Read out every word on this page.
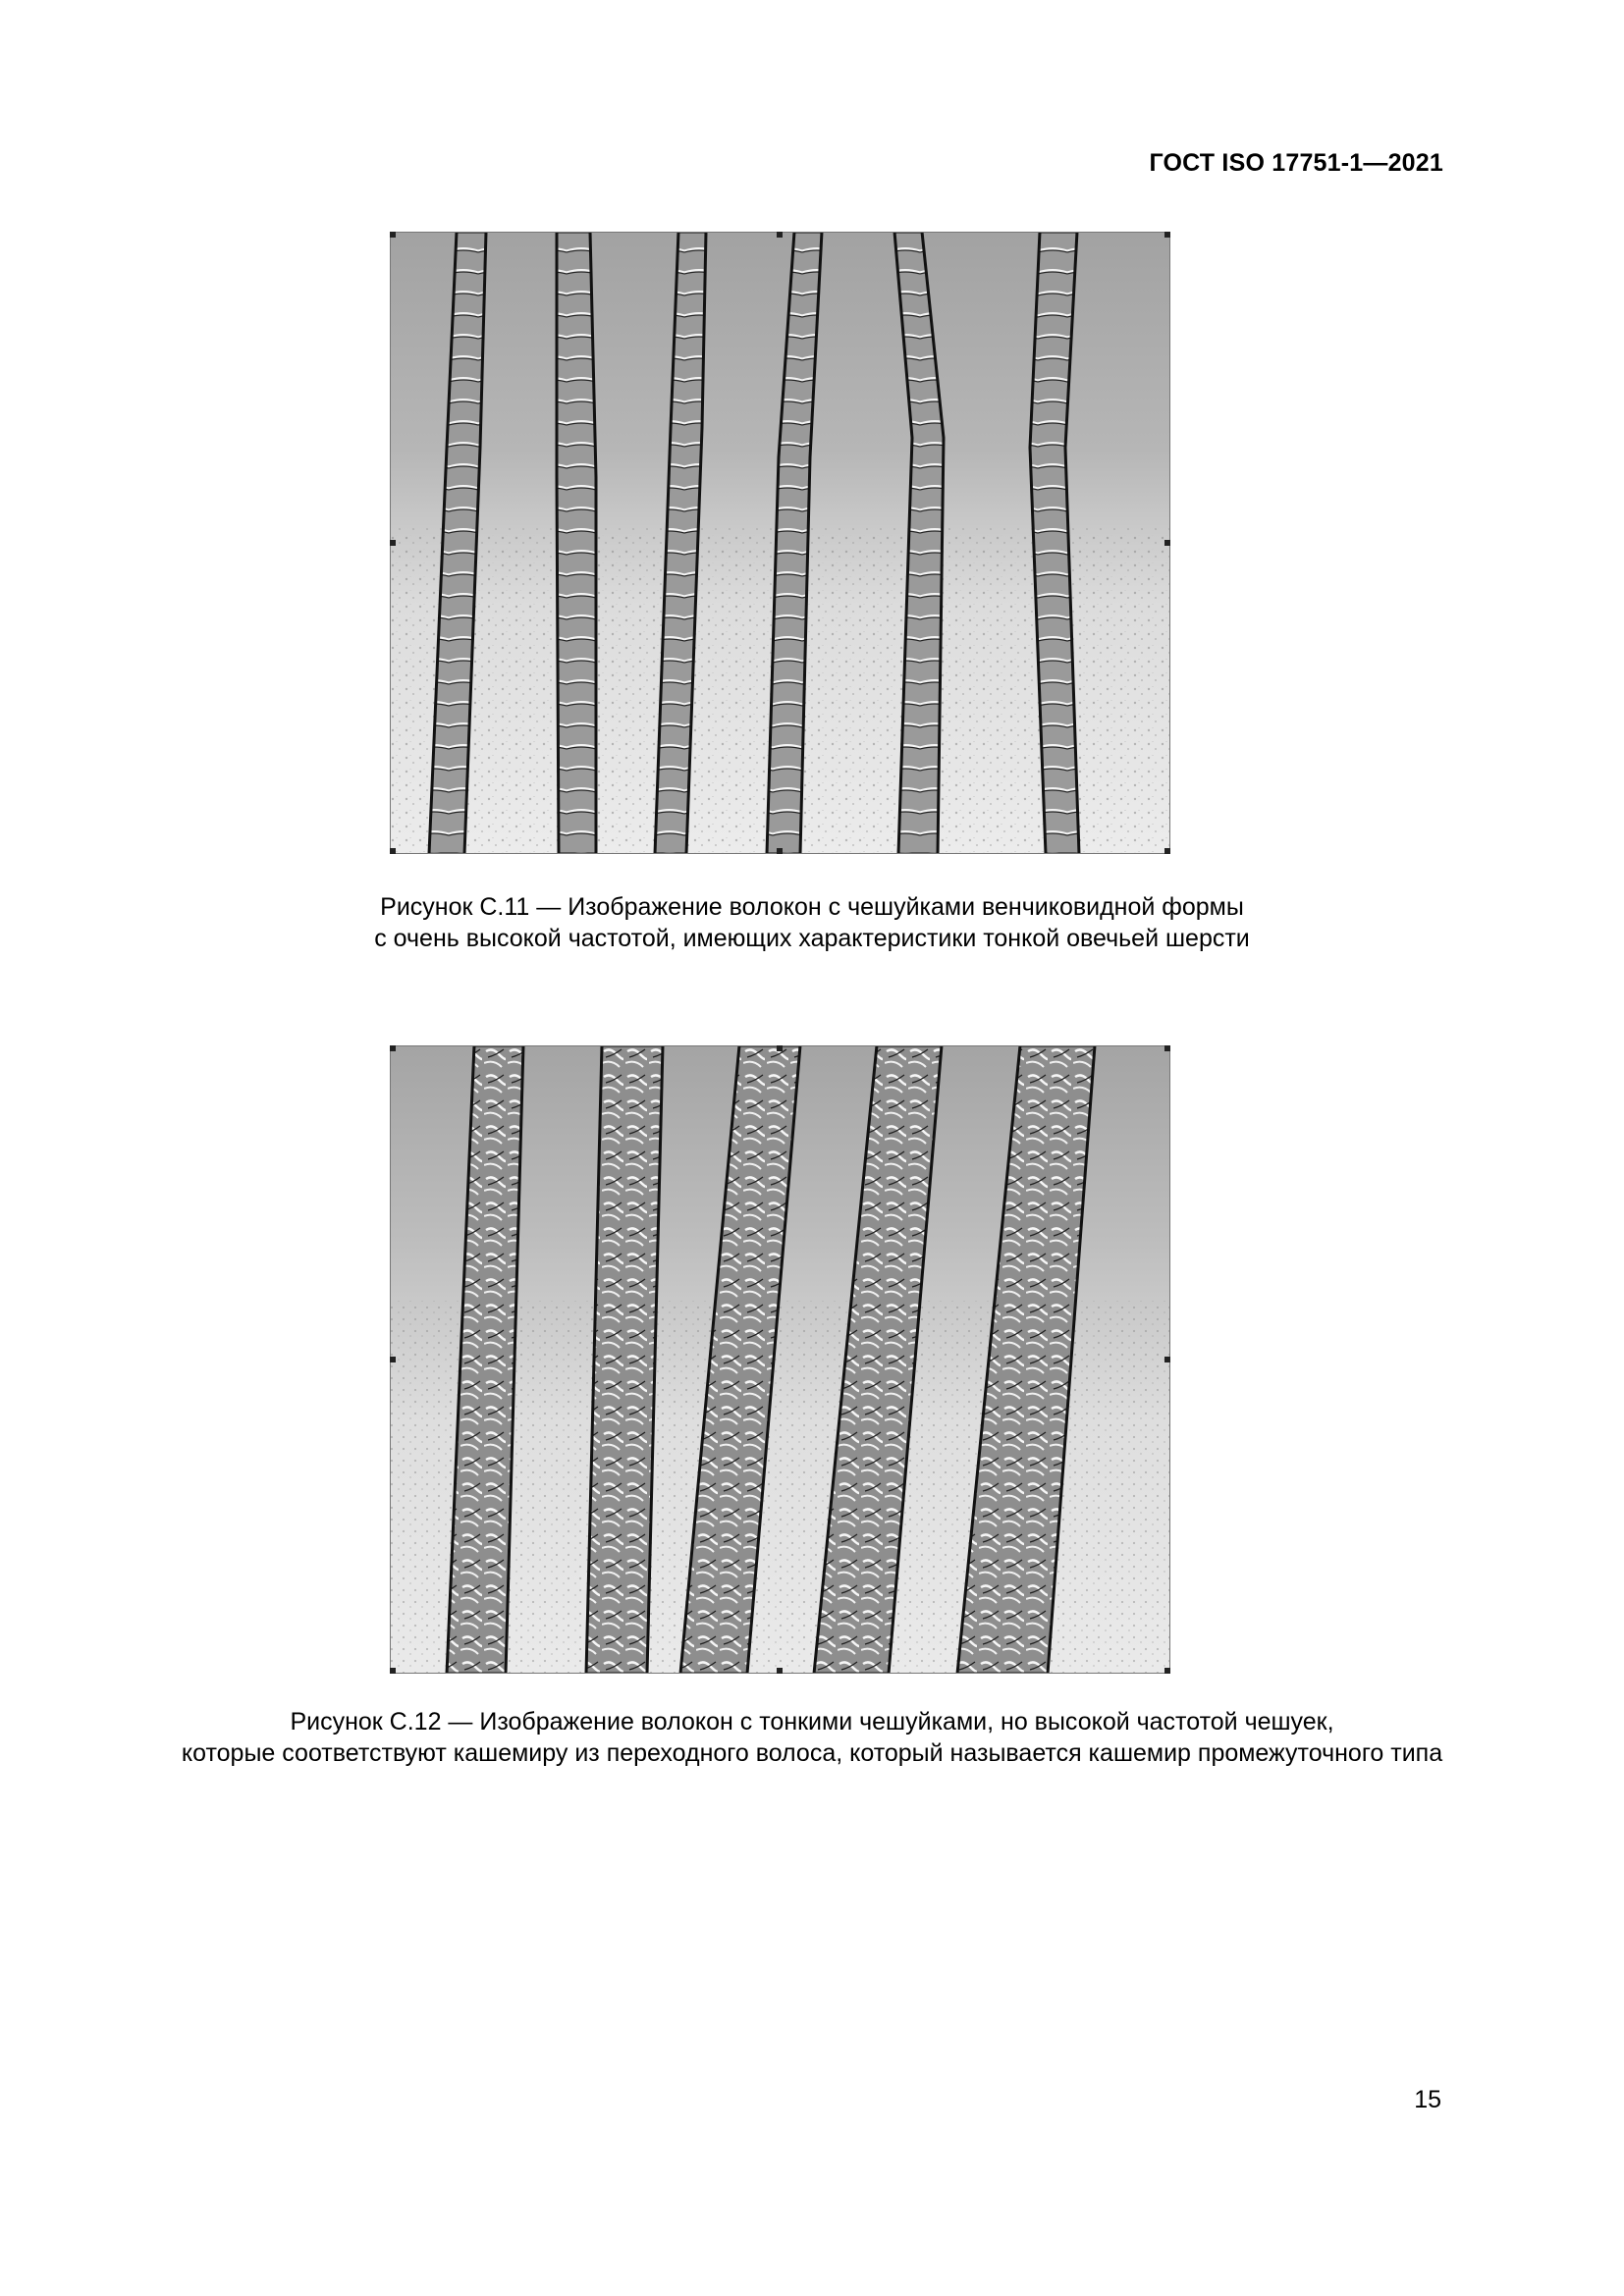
ГОСТ ISO 17751-1—2021
Рисунок С.11 — Изображение волокон с чешуйками венчиковидной формы
с очень высокой частотой, имеющих характеристики тонкой овечьей шерсти
Рисунок С.12 — Изображение волокон с тонкими чешуйками, но высокой частотой чешуек,
которые соответствуют кашемиру из переходного волоса, который называется кашемир промежуточного типа
15
